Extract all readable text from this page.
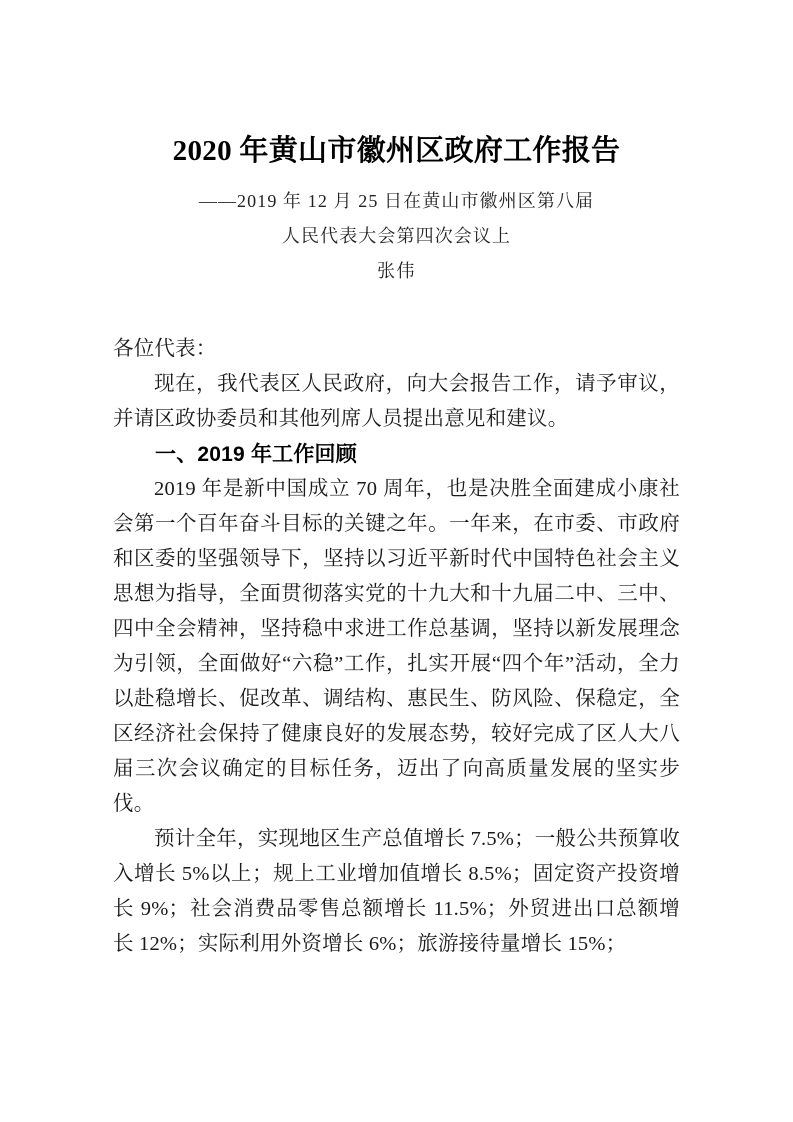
2020 年黄山市徽州区政府工作报告

——2019 年 12 月 25 日在黄山市徽州区第八届

人民代表大会第四次会议上

张伟

各位代表：

现在，我代表区人民政府，向大会报告工作，请予审议，并请区政协委员和其他列席人员提出意见和建议。

一、2019 年工作回顾

2019 年是新中国成立 70 周年，也是决胜全面建成小康社会第一个百年奋斗目标的关键之年。一年来，在市委、市政府和区委的坚强领导下，坚持以习近平新时代中国特色社会主义思想为指导，全面贯彻落实党的十九大和十九届二中、三中、四中全会精神，坚持稳中求进工作总基调，坚持以新发展理念为引领，全面做好“六稳”工作，扎实开展“四个年”活动，全力以赴稳增长、促改革、调结构、惠民生、防风险、保稳定，全区经济社会保持了健康良好的发展态势，较好完成了区人大八届三次会议确定的目标任务，迈出了向高质量发展的坚实步伐。

预计全年，实现地区生产总值增长 7.5%；一般公共预算收入增长 5%以上；规上工业增加值增长 8.5%；固定资产投资增长 9%；社会消费品零售总额增长 11.5%；外贸进出口总额增长 12%；实际利用外资增长 6%；旅游接待量增长 15%；
